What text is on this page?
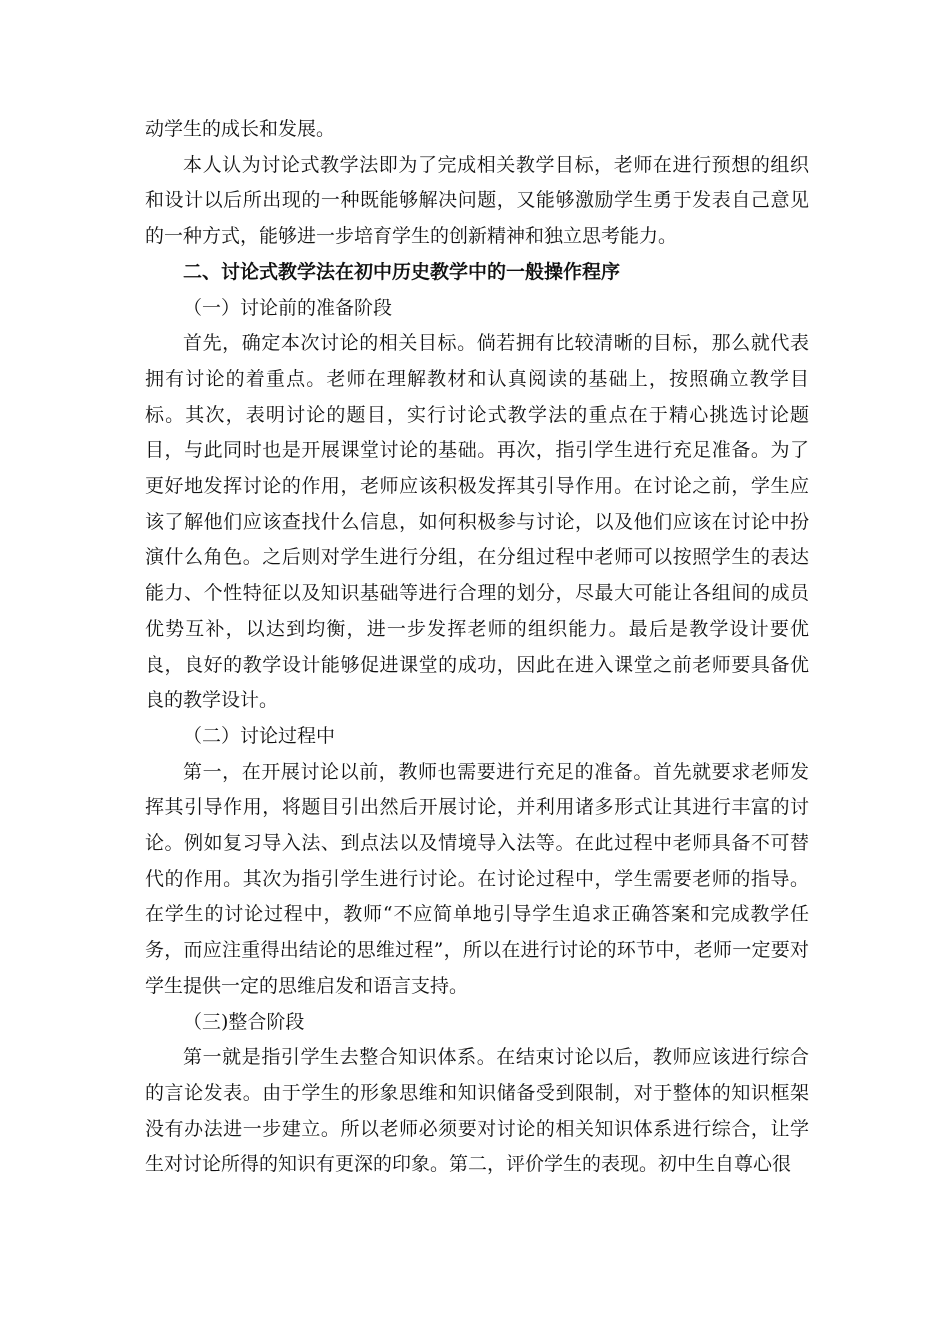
动学生的成长和发展。

本人认为讨论式教学法即为了完成相关教学目标，老师在进行预想的组织和设计以后所出现的一种既能够解决问题，又能够激励学生勇于发表自己意见的一种方式，能够进一步培育学生的创新精神和独立思考能力。

二、讨论式教学法在初中历史教学中的一般操作程序

（一）讨论前的准备阶段

首先，确定本次讨论的相关目标。倘若拥有比较清晰的目标，那么就代表拥有讨论的着重点。老师在理解教材和认真阅读的基础上，按照确立教学目标。其次，表明讨论的题目，实行讨论式教学法的重点在于精心挑选讨论题目，与此同时也是开展课堂讨论的基础。再次，指引学生进行充足准备。为了更好地发挥讨论的作用，老师应该积极发挥其引导作用。在讨论之前，学生应该了解他们应该查找什么信息，如何积极参与讨论，以及他们应该在讨论中扮演什么角色。之后则对学生进行分组，在分组过程中老师可以按照学生的表达能力、个性特征以及知识基础等进行合理的划分，尽最大可能让各组间的成员优势互补，以达到均衡，进一步发挥老师的组织能力。最后是教学设计要优良，良好的教学设计能够促进课堂的成功，因此在进入课堂之前老师要具备优良的教学设计。

（二）讨论过程中

第一，在开展讨论以前，教师也需要进行充足的准备。首先就要求老师发挥其引导作用，将题目引出然后开展讨论，并利用诸多形式让其进行丰富的讨论。例如复习导入法、到点法以及情境导入法等。在此过程中老师具备不可替代的作用。其次为指引学生进行讨论。在讨论过程中，学生需要老师的指导。在学生的讨论过程中，教师“不应简单地引导学生追求正确答案和完成教学任务，而应注重得出结论的思维过程”，所以在进行讨论的环节中，老师一定要对学生提供一定的思维启发和语言支持。

（三)整合阶段

第一就是指引学生去整合知识体系。在结束讨论以后，教师应该进行综合的言论发表。由于学生的形象思维和知识储备受到限制，对于整体的知识框架没有办法进一步建立。所以老师必须要对讨论的相关知识体系进行综合，让学生对讨论所得的知识有更深的印象。第二，评价学生的表现。初中生自尊心很
